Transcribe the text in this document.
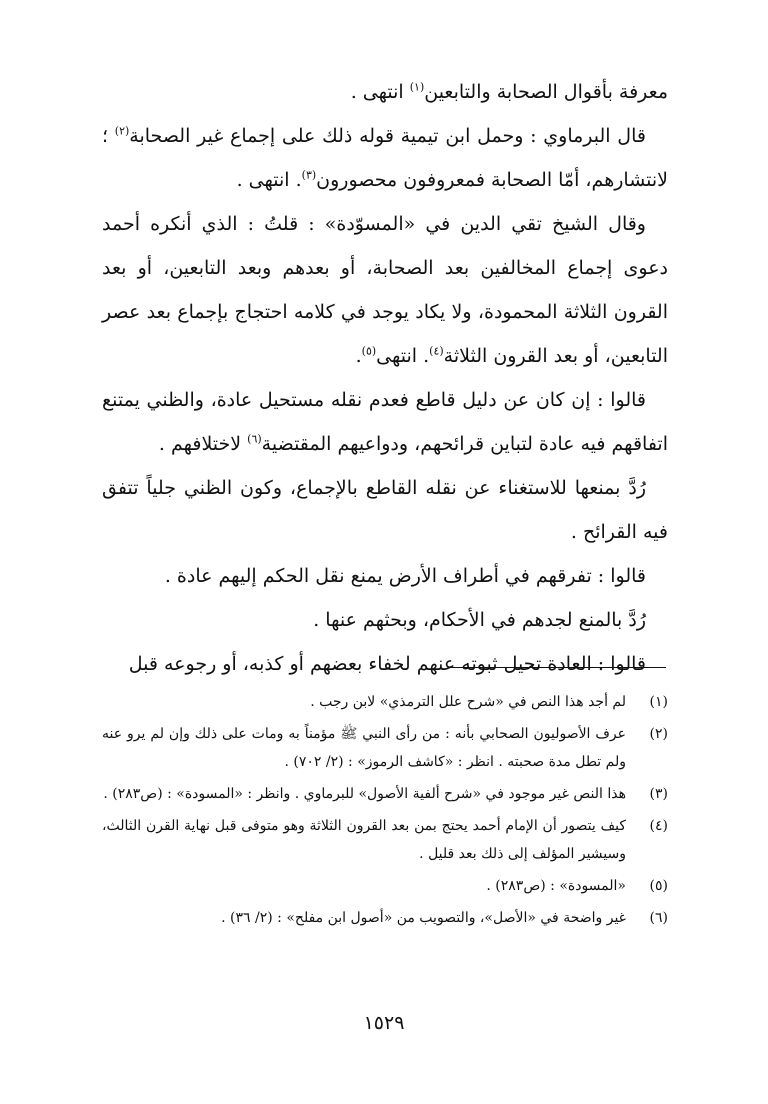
معرفة بأقوال الصحابة والتابعين$^{(١)}$ انتهى .

قال البرماوي : وحمل ابن تيمية قوله ذلك على إجماع غير الصحابة$^{(٢)}$ ؛ لانتشارهم، أمّا الصحابة فمعروفون محصورون$^{(٣)}$. انتهى .

وقال الشيخ تقي الدين في «المسوّدة» : قلتُ : الذي أنكره أحمد دعوى إجماع المخالفين بعد الصحابة، أو بعدهم وبعد التابعين، أو بعد القرون الثلاثة المحمودة، ولا يكاد يوجد في كلامه احتجاج بإجماع بعد عصر التابعين، أو بعد القرون الثلاثة$^{(٤)}$. انتهى$^{(٥)}$.

قالوا : إن كان عن دليل قاطع فعدم نقله مستحيل عادة، والظني يمتنع اتفاقهم فيه عادة لتباين قرائحهم، ودواعيهم المقتضية$^{(٦)}$ لاختلافهم .

رُدَّ بمنعها للاستغناء عن نقله القاطع بالإجماع، وكون الظني جلياً تتفق فيه القرائح .

قالوا : تفرقهم في أطراف الأرض يمنع نقل الحكم إليهم عادة .

رُدَّ بالمنع لجدهم في الأحكام، وبحثهم عنها .

قالوا : العادة تحيل ثبوته عنهم لخفاء بعضهم أو كذبه، أو رجوعه قبل

(١)
لم أجد هذا النص في «شرح علل الترمذي» لابن رجب .
(٢)
عرف الأصوليون الصحابي بأنه : من رأى النبي ﷺ مؤمناً به ومات على ذلك وإن لم يرو عنه ولم تطل مدة صحبته . انظر : «كاشف الرموز» : (٢/ ٧٠٢) .
(٣)
هذا النص غير موجود في «شرح ألفية الأصول» للبرماوي . وانظر : «المسودة» : (ص٢٨٣) .
(٤)
كيف يتصور أن الإمام أحمد يحتج بمن بعد القرون الثلاثة وهو متوفى قبل نهاية القرن الثالث، وسيشير المؤلف إلى ذلك بعد قليل .
(٥)
«المسودة» : (ص٢٨٣) .
(٦)
غير واضحة في «الأصل»، والتصويب من «أصول ابن مفلح» : (٢/ ٣٦) .
١٥٢٩
